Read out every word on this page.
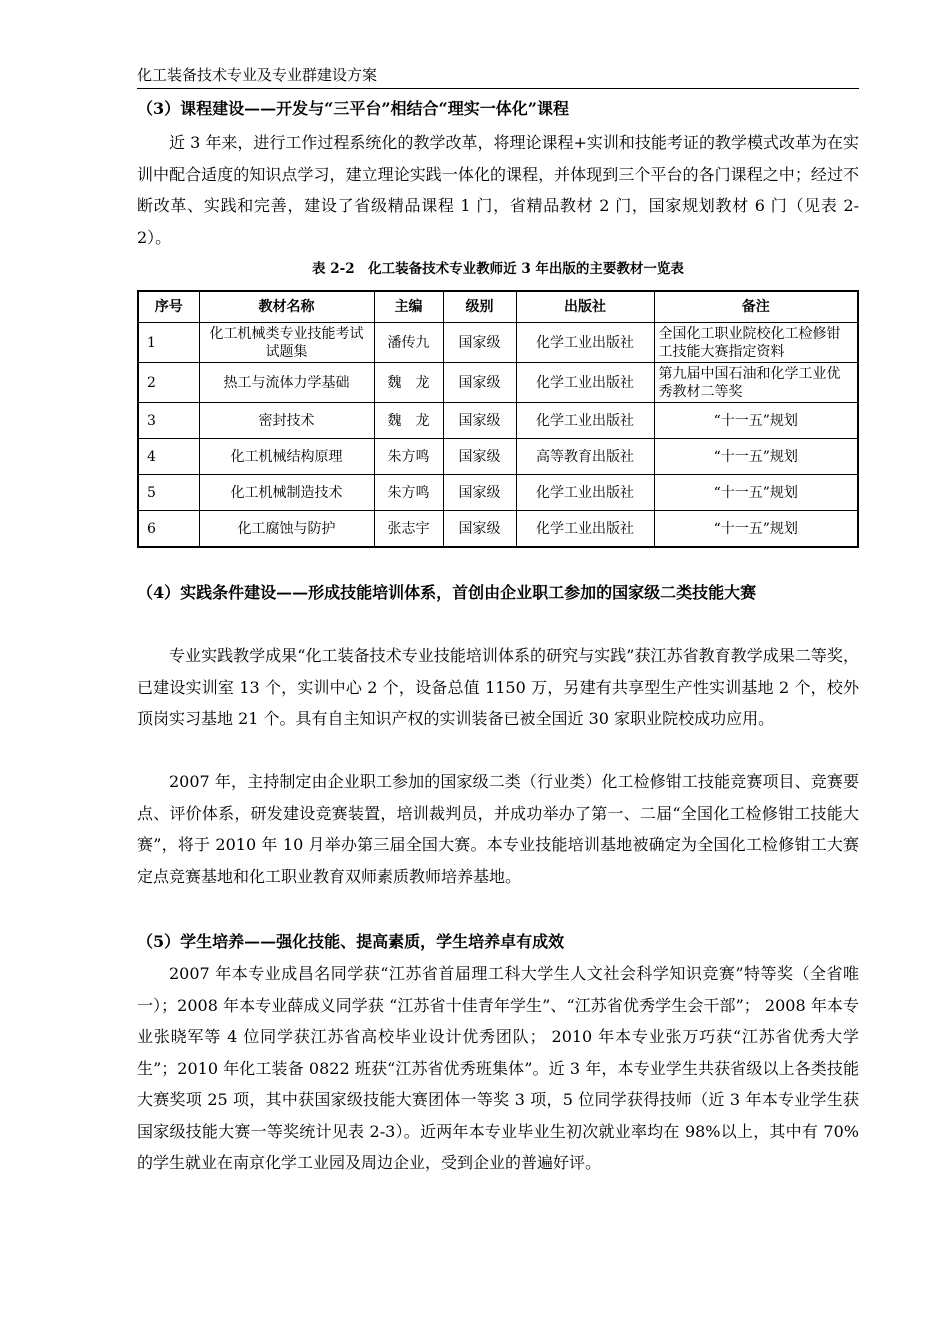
化工装备技术专业及专业群建设方案
（3）课程建设——开发与“三平台”相结合“理实一体化”课程
近 3 年来，进行工作过程系统化的教学改革，将理论课程+实训和技能考证的教学模式改革为在实训中配合适度的知识点学习，建立理论实践一体化的课程，并体现到三个平台的各门课程之中；经过不断改革、实践和完善，建设了省级精品课程 1 门，省精品教材 2 门，国家规划教材 6 门（见表 2-2）。
表 2-2　化工装备技术专业教师近 3 年出版的主要教材一览表
序号	教材名称	主编	级别	出版社	备注
1	化工机械类专业技能考试试题集	潘传九	国家级	化学工业出版社	全国化工职业院校化工检修钳工技能大赛指定资料
2	热工与流体力学基础	魏　龙	国家级	化学工业出版社	第九届中国石油和化学工业优秀教材二等奖
3	密封技术	魏　龙	国家级	化学工业出版社	“十一五”规划
4	化工机械结构原理	朱方鸣	国家级	高等教育出版社	“十一五”规划
5	化工机械制造技术	朱方鸣	国家级	化学工业出版社	“十一五”规划
6	化工腐蚀与防护	张志宇	国家级	化学工业出版社	“十一五”规划
（4）实践条件建设——形成技能培训体系，首创由企业职工参加的国家级二类技能大赛
专业实践教学成果“化工装备技术专业技能培训体系的研究与实践”获江苏省教育教学成果二等奖，已建设实训室 13 个，实训中心 2 个，设备总值 1150 万，另建有共享型生产性实训基地 2 个，校外顶岗实习基地 21 个。具有自主知识产权的实训装备已被全国近 30 家职业院校成功应用。
2007 年，主持制定由企业职工参加的国家级二类（行业类）化工检修钳工技能竞赛项目、竞赛要点、评价体系，研发建设竞赛装置，培训裁判员，并成功举办了第一、二届“全国化工检修钳工技能大赛”，将于 2010 年 10 月举办第三届全国大赛。本专业技能培训基地被确定为全国化工检修钳工大赛定点竞赛基地和化工职业教育双师素质教师培养基地。
（5）学生培养——强化技能、提高素质，学生培养卓有成效
2007 年本专业成昌名同学获“江苏省首届理工科大学生人文社会科学知识竞赛”特等奖（全省唯一）；2008 年本专业薛成义同学获 “江苏省十佳青年学生”、“江苏省优秀学生会干部”； 2008 年本专业张晓军等 4 位同学获江苏省高校毕业设计优秀团队； 2010 年本专业张万巧获“江苏省优秀大学生”；2010 年化工装备 0822 班获“江苏省优秀班集体”。近 3 年，本专业学生共获省级以上各类技能大赛奖项 25 项，其中获国家级技能大赛团体一等奖 3 项，5 位同学获得技师（近 3 年本专业学生获国家级技能大赛一等奖统计见表 2-3）。近两年本专业毕业生初次就业率均在 98%以上，其中有 70%的学生就业在南京化学工业园及周边企业，受到企业的普遍好评。
